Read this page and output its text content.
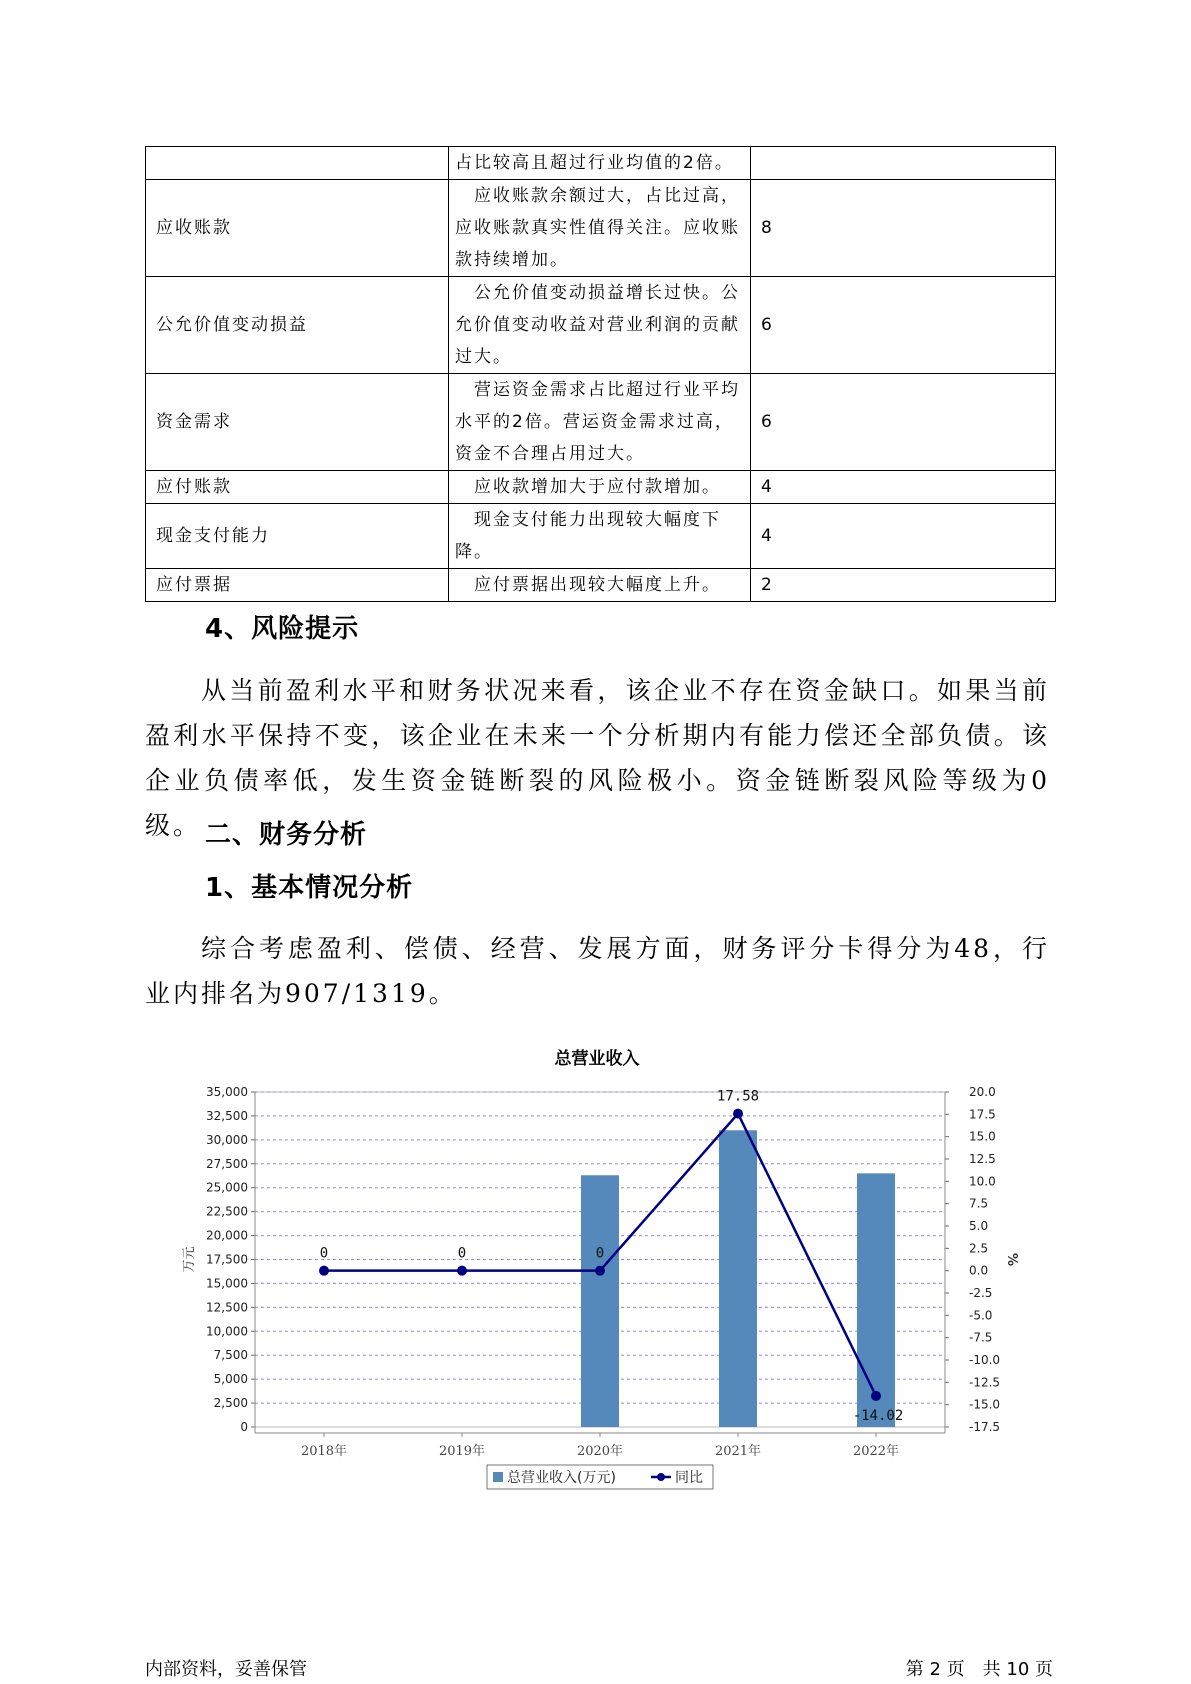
	占比较高且超过行业均值的2倍。	
应收账款	　应收账款余额过大，占比过高，应收账款真实性值得关注。应收账款持续增加。	8
公允价值变动损益	　公允价值变动损益增长过快。公允价值变动收益对营业利润的贡献过大。	6
资金需求	　营运资金需求占比超过行业平均水平的2倍。营运资金需求过高，资金不合理占用过大。	6
应付账款	　应收款增加大于应付款增加。	4
现金支付能力	　现金支付能力出现较大幅度下降。	4
应付票据	　应付票据出现较大幅度上升。	2
4、风险提示

从当前盈利水平和财务状况来看，该企业不存在资金缺口。如果当前盈利水平保持不变，该企业在未来一个分析期内有能力偿还全部负债。该企业负债率低，发生资金链断裂的风险极小。资金链断裂风险等级为0级。 二、财务分析
1、基本情况分析

综合考虑盈利、偿债、经营、发展方面，财务评分卡得分为48，行业内排名为907/1319。

总营业收入
0
2,500
5,000
7,500
10,000
12,500
15,000
17,500
20,000
22,500
25,000
27,500
30,000
32,500
35,000
-17.5
-15.0
-12.5
-10.0
-7.5
-5.0
-2.5
0.0
2.5
5.0
7.5
10.0
12.5
15.0
17.5
20.0
万元	%
2018年	2019年	2020年	2021年	2022年
0	0	0
17.58
-14.02
总营业收入(万元)	同比
内部资料，妥善保管	第 2 页　共 10 页
